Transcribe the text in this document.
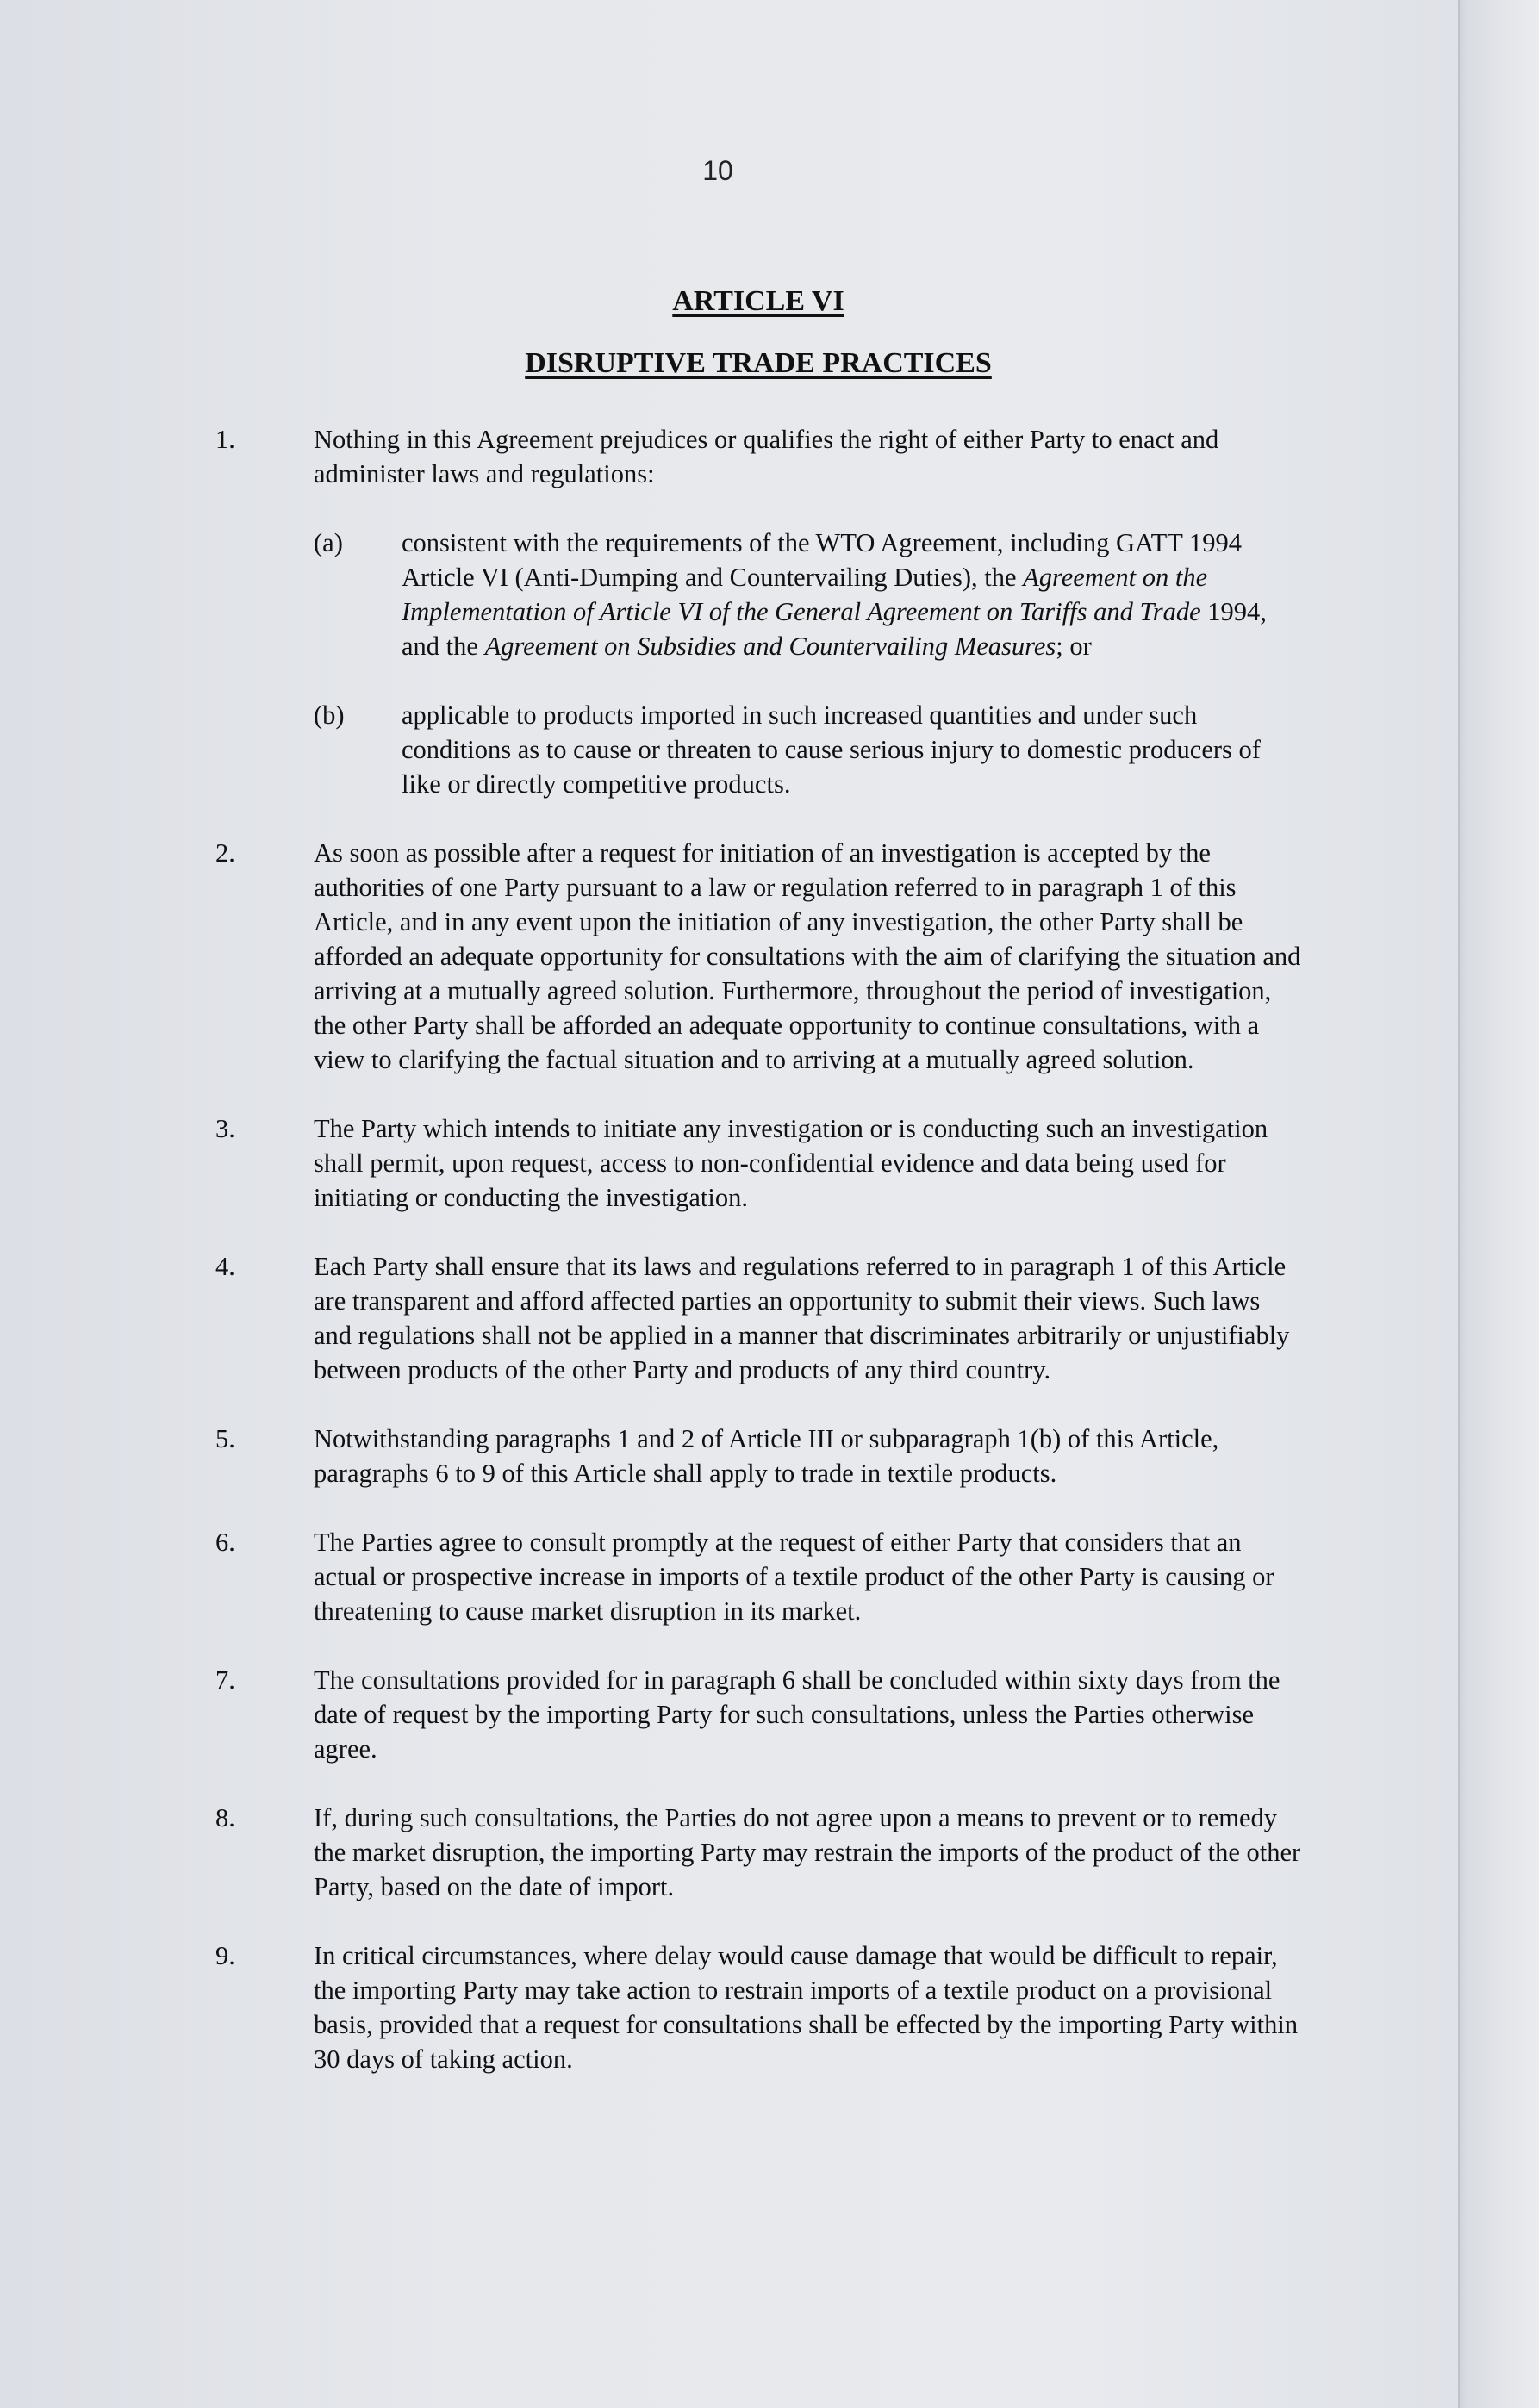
10

ARTICLE VI

DISRUPTIVE TRADE PRACTICES

1.	Nothing in this Agreement prejudices or qualifies the right of either Party to enact and administer laws and regulations:
(a) consistent with the requirements of the WTO Agreement, including GATT 1994 Article VI (Anti-Dumping and Countervailing Duties), the Agreement on the Implementation of Article VI of the General Agreement on Tariffs and Trade 1994, and the Agreement on Subsidies and Countervailing Measures; or
(b) applicable to products imported in such increased quantities and under such conditions as to cause or threaten to cause serious injury to domestic producers of like or directly competitive products.
2.	As soon as possible after a request for initiation of an investigation is accepted by the authorities of one Party pursuant to a law or regulation referred to in paragraph 1 of this Article, and in any event upon the initiation of any investigation, the other Party shall be afforded an adequate opportunity for consultations with the aim of clarifying the situation and arriving at a mutually agreed solution. Furthermore, throughout the period of investigation, the other Party shall be afforded an adequate opportunity to continue consultations, with a view to clarifying the factual situation and to arriving at a mutually agreed solution.
3.	The Party which intends to initiate any investigation or is conducting such an investigation shall permit, upon request, access to non-confidential evidence and data being used for initiating or conducting the investigation.
4.	Each Party shall ensure that its laws and regulations referred to in paragraph 1 of this Article are transparent and afford affected parties an opportunity to submit their views. Such laws and regulations shall not be applied in a manner that discriminates arbitrarily or unjustifiably between products of the other Party and products of any third country.
5.	Notwithstanding paragraphs 1 and 2 of Article III or subparagraph 1(b) of this Article, paragraphs 6 to 9 of this Article shall apply to trade in textile products.
6.	The Parties agree to consult promptly at the request of either Party that considers that an actual or prospective increase in imports of a textile product of the other Party is causing or threatening to cause market disruption in its market.
7.	The consultations provided for in paragraph 6 shall be concluded within sixty days from the date of request by the importing Party for such consultations, unless the Parties otherwise agree.
8.	If, during such consultations, the Parties do not agree upon a means to prevent or to remedy the market disruption, the importing Party may restrain the imports of the product of the other Party, based on the date of import.
9.	In critical circumstances, where delay would cause damage that would be difficult to repair, the importing Party may take action to restrain imports of a textile product on a provisional basis, provided that a request for consultations shall be effected by the importing Party within 30 days of taking action.
